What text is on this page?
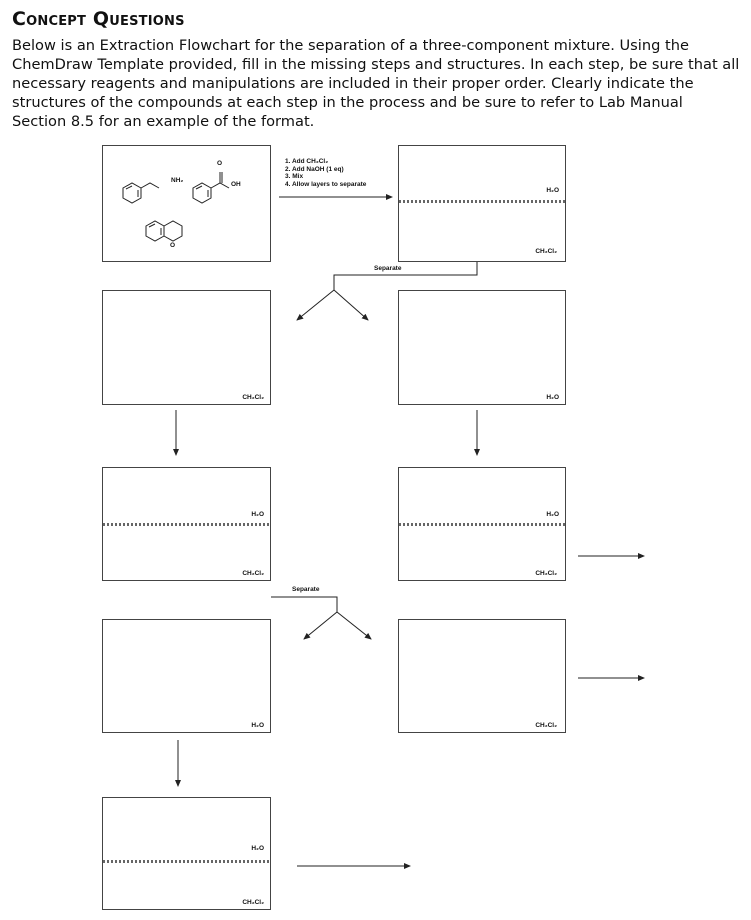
Concept Questions
Below is an Extraction Flowchart for the separation of a three-component mixture. Using the ChemDraw Template provided, fill in the missing steps and structures. In each step, be sure that all necessary reagents and manipulations are included in their proper order. Clearly indicate the structures of the compounds at each step in the process and be sure to refer to Lab Manual Section 8.5 for an example of the format.
NH₂
OH
O
O
1. Add CH₂Cl₂
2. Add NaOH (1 eq)
3. Mix
4. Allow layers to separate
H₂O
CH₂Cl₂
Separate
CH₂Cl₂	H₂O
H₂O
CH₂Cl₂
H₂O
CH₂Cl₂
Separate
H₂O	CH₂Cl₂
H₂O
CH₂Cl₂
